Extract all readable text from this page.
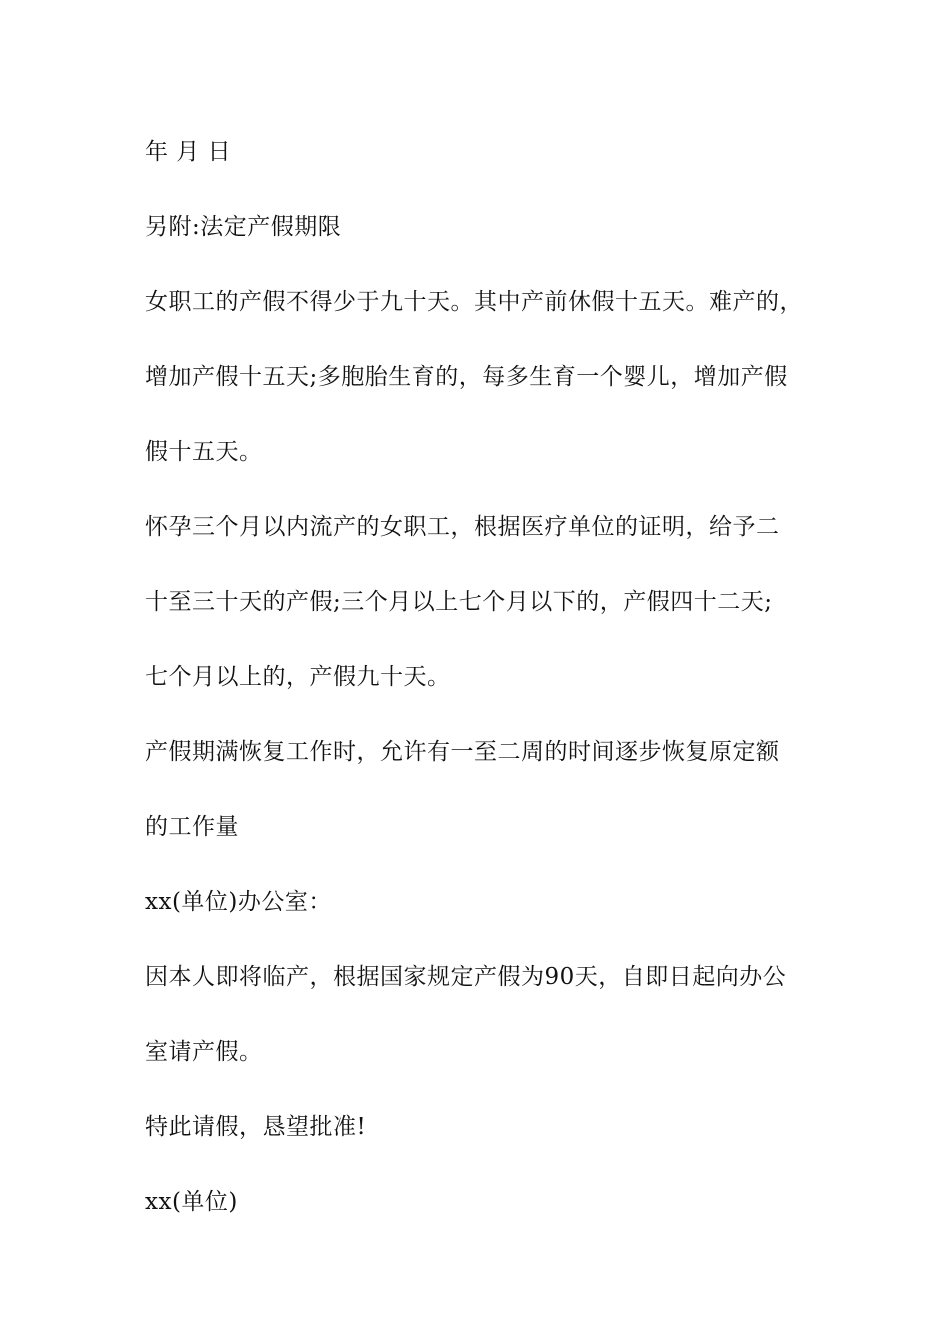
年 月 日

另附:法定产假期限

女职工的产假不得少于九十天。其中产前休假十五天。难产的，

增加产假十五天;多胞胎生育的，每多生育一个婴儿，增加产假

假十五天。

怀孕三个月以内流产的女职工，根据医疗单位的证明，给予二

十至三十天的产假;三个月以上七个月以下的，产假四十二天;

七个月以上的，产假九十天。

产假期满恢复工作时，允许有一至二周的时间逐步恢复原定额

的工作量

xx(单位)办公室：

因本人即将临产，根据国家规定产假为90天，自即日起向办公

室请产假。

特此请假，恳望批准!

xx(单位)
